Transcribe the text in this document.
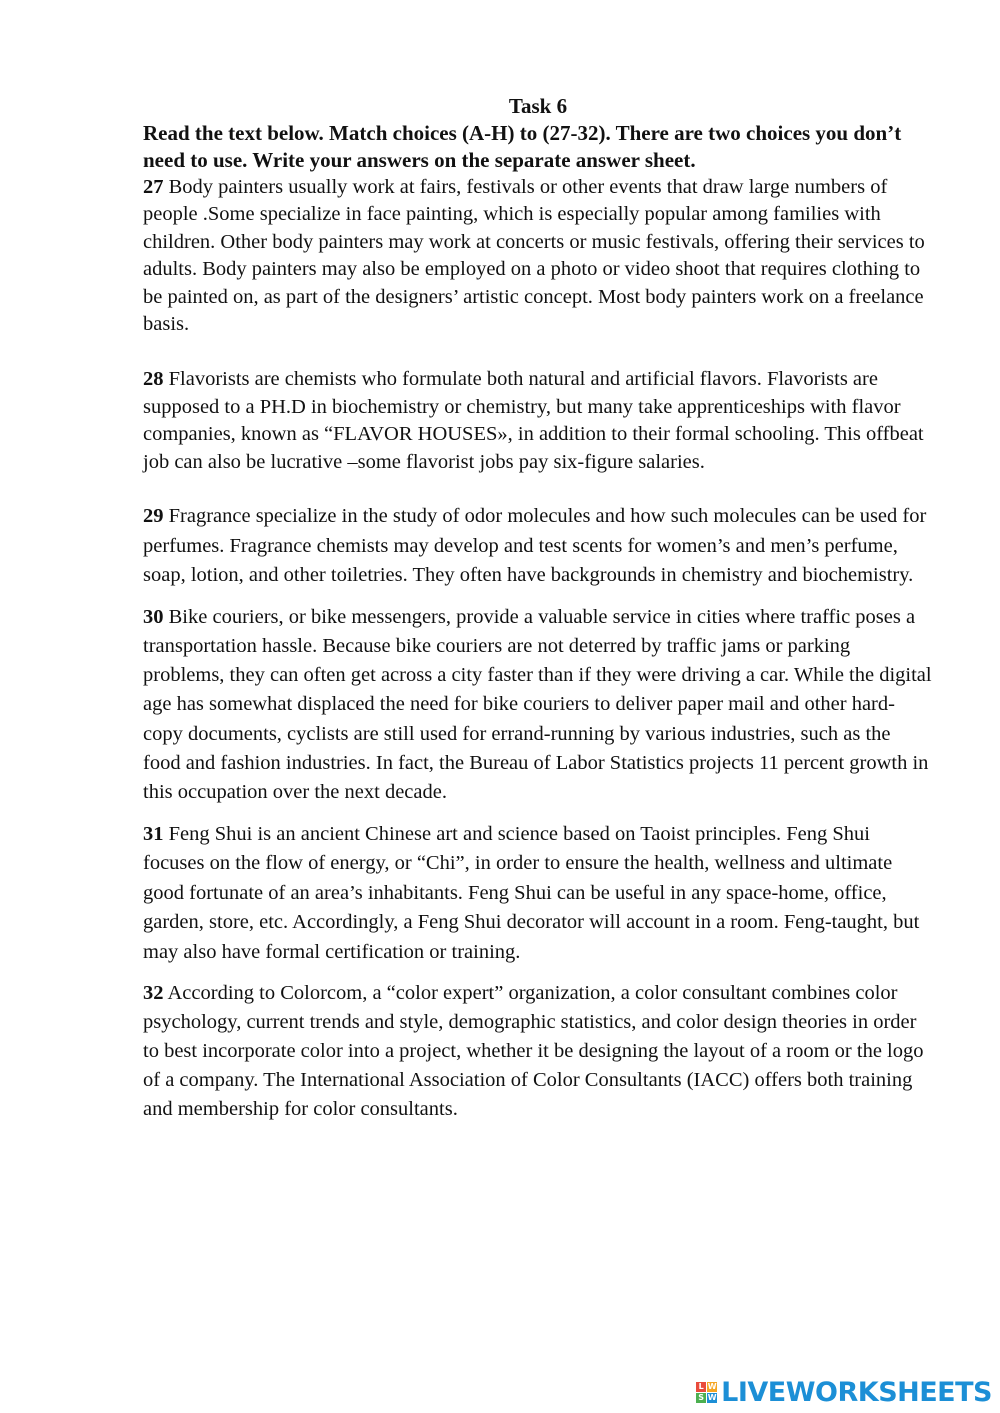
Task 6

Read the text below. Match choices (A-H) to (27-32). There are two choices you don’t need to use. Write your answers on the separate answer sheet.

27 Body painters usually work at fairs, festivals or other events that draw large numbers of people .Some specialize in face painting, which is especially popular among families with children. Other body painters may work at concerts or music festivals, offering their services to adults. Body painters may also be employed on a photo or video shoot that requires clothing to be painted on, as part of the designers’ artistic concept. Most body painters work on a freelance basis.

28 Flavorists are chemists who formulate both natural and artificial flavors. Flavorists are supposed to a PH.D in biochemistry or chemistry, but many take apprenticeships with flavor companies, known as “FLAVOR HOUSES», in addition to their formal schooling. This offbeat job can also be lucrative –some flavorist jobs pay six-figure salaries.

29 Fragrance specialize in the study of odor molecules and how such molecules can be used for perfumes. Fragrance chemists may develop and test scents for women’s and men’s perfume, soap, lotion, and other toiletries. They often have backgrounds in chemistry and biochemistry.

30 Bike couriers, or bike messengers, provide a valuable service in cities where traffic poses a transportation hassle. Because bike couriers are not deterred by traffic jams or parking problems, they can often get across a city faster than if they were driving a car. While the digital age has somewhat displaced the need for bike couriers to deliver paper mail and other hard-copy documents, cyclists are still used for errand-running by various industries, such as the food and fashion industries. In fact, the Bureau of Labor Statistics projects 11 percent growth in this occupation over the next decade.

31 Feng Shui is an ancient Chinese art and science based on Taoist principles. Feng Shui focuses on the flow of energy, or “Chi”, in order to ensure the health, wellness and ultimate good fortunate of an area’s inhabitants. Feng Shui can be useful in any space-home, office, garden, store, etc. Accordingly, a Feng Shui decorator will account in a room. Feng-taught, but may also have formal certification or training.

32 According to Colorcom, a “color expert” organization, a color consultant combines color psychology, current trends and style, demographic statistics, and color design theories in order to best incorporate color into a project, whether it be designing the layout of a room or the logo of a company. The International Association of Color Consultants (IACC) offers both training and membership for color consultants.

L W
S W LIVEWORKSHEETS
